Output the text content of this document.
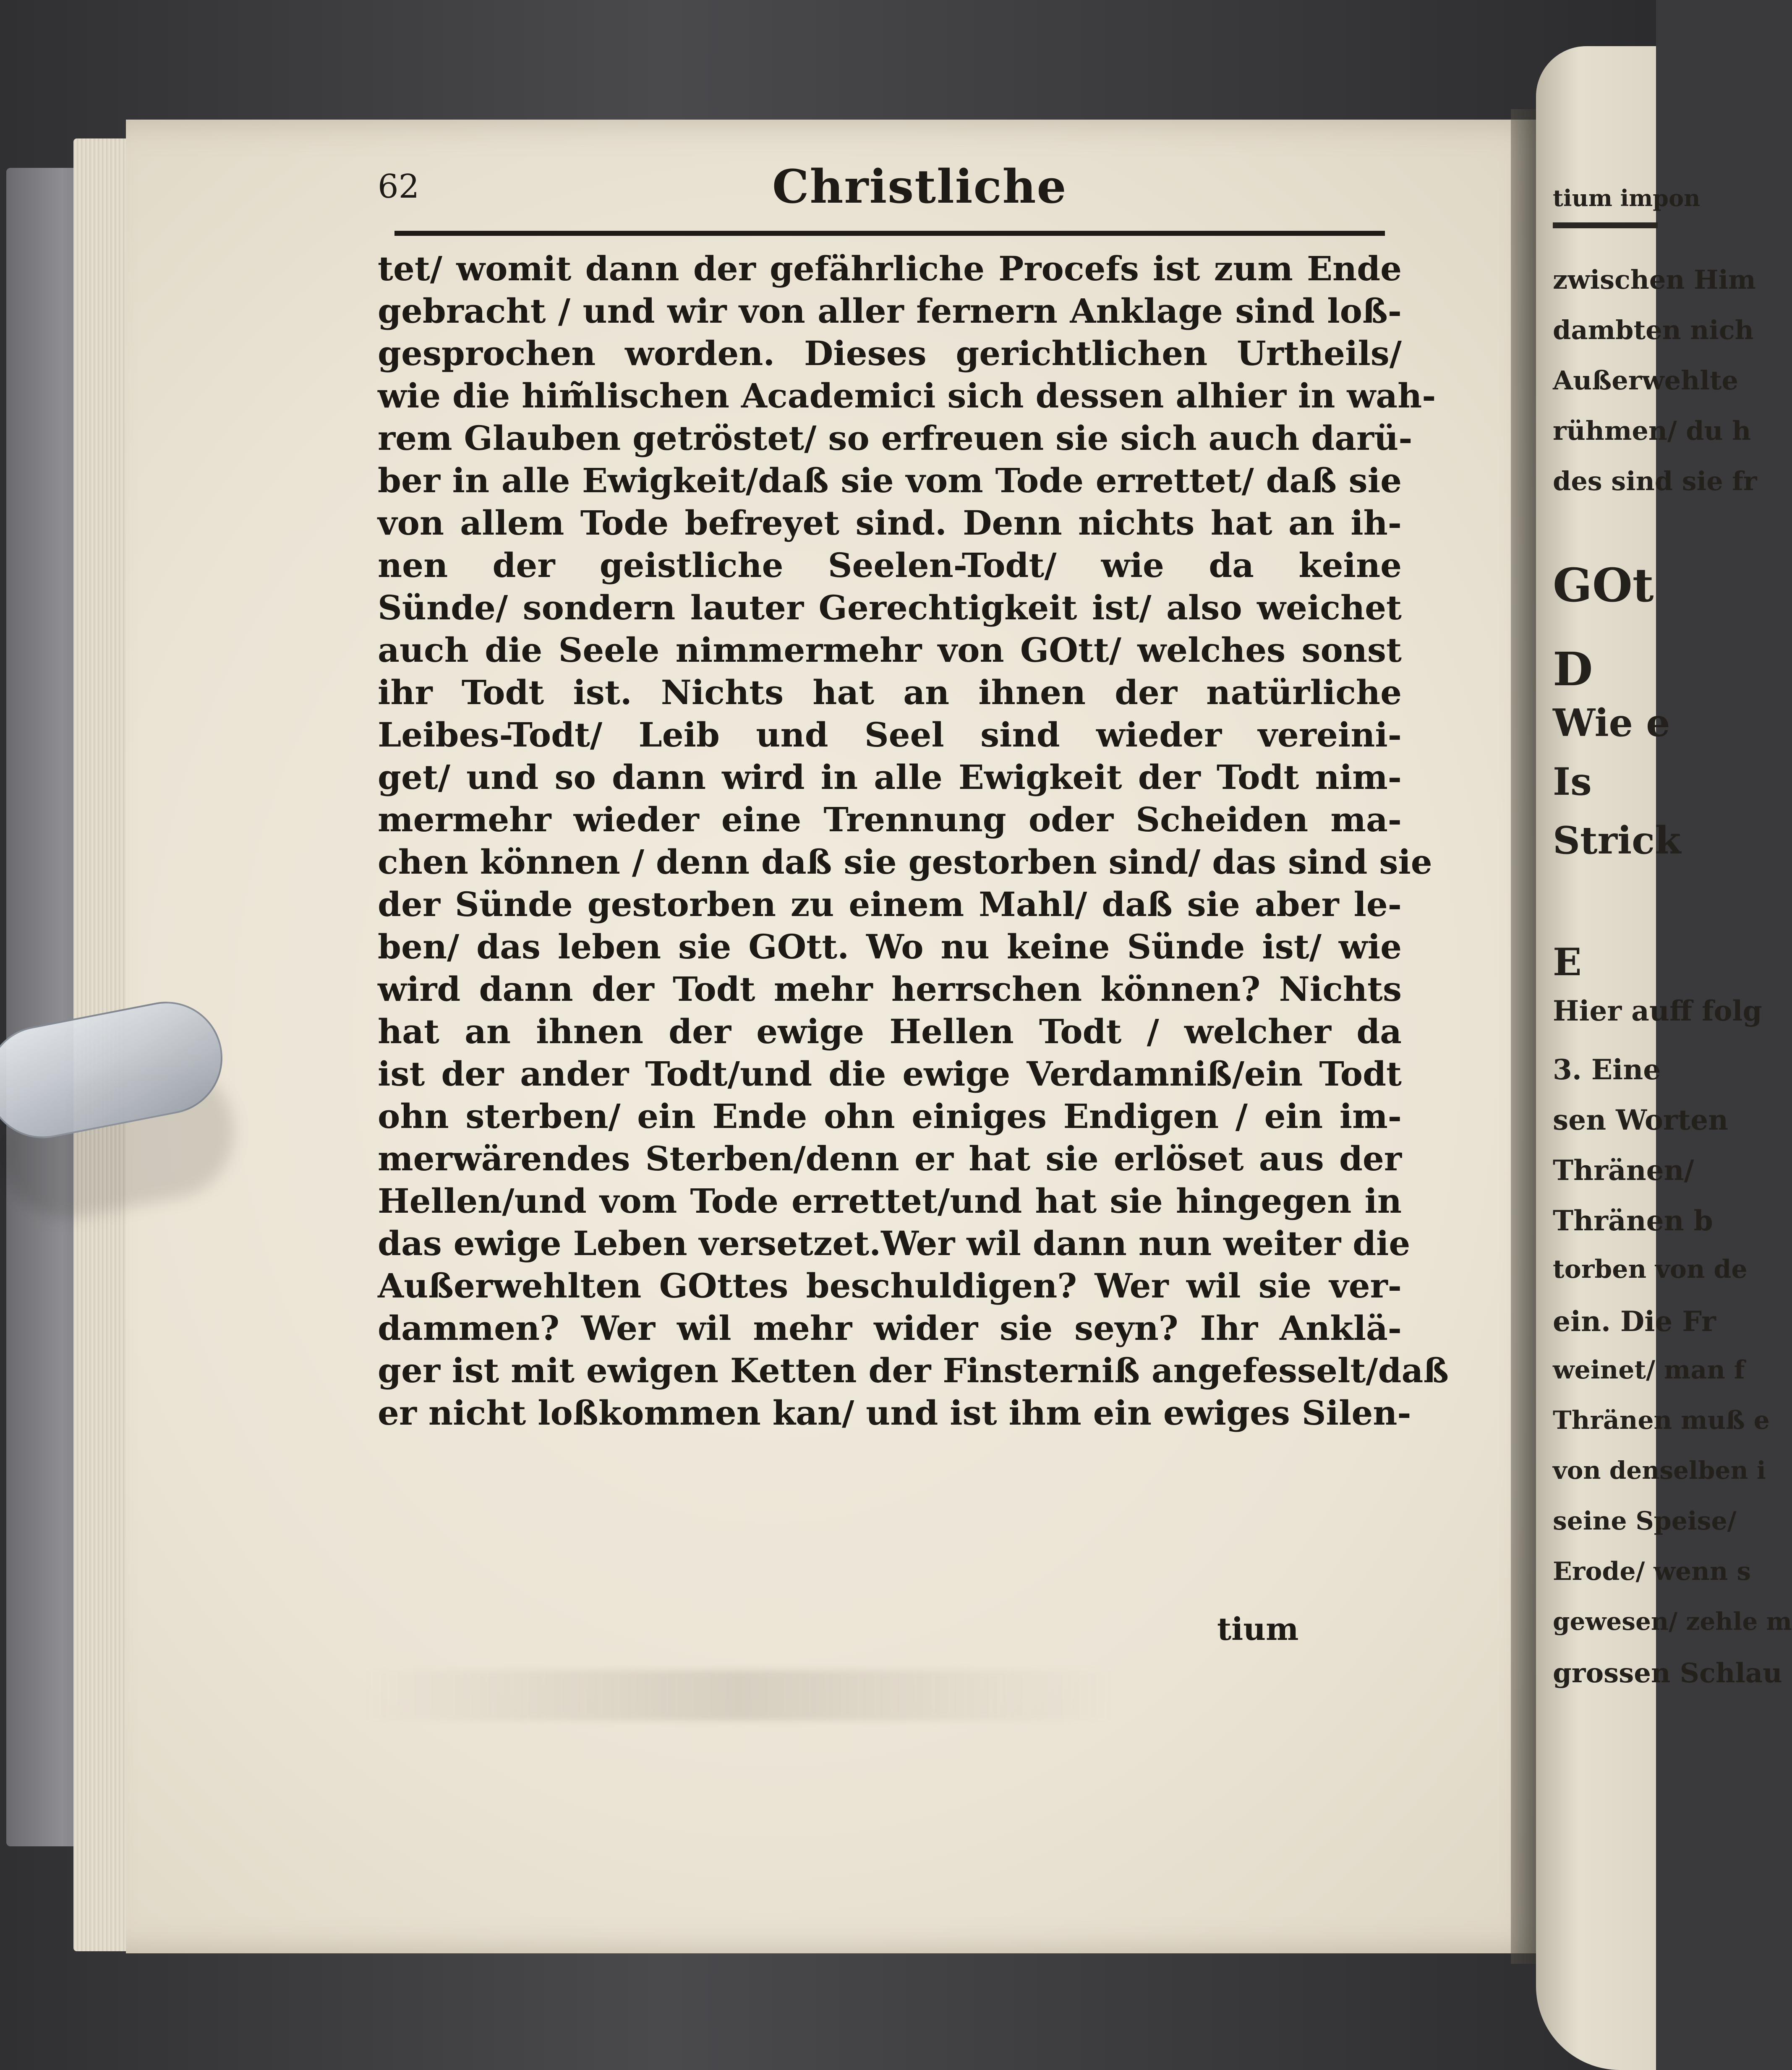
62	Christliche
tet/ womit dann der gefährliche Procefs ist zum Ende
gebracht / und wir von aller fernern Anklage sind loß-
gesprochen worden. Dieses gerichtlichen Urtheils/
wie die him̃lischen Academici sich dessen alhier in wah-
rem Glauben getröstet/ so erfreuen sie sich auch darü-
ber in alle Ewigkeit/daß sie vom Tode errettet/ daß sie
von allem Tode befreyet sind. Denn nichts hat an ih-
nen der geistliche Seelen-Todt/ wie da keine
Sünde/ sondern lauter Gerechtigkeit ist/ also weichet
auch die Seele nimmermehr von GOtt/ welches sonst
ihr Todt ist. Nichts hat an ihnen der natürliche
Leibes-Todt/ Leib und Seel sind wieder vereini-
get/ und so dann wird in alle Ewigkeit der Todt nim-
mermehr wieder eine Trennung oder Scheiden ma-
chen können / denn daß sie gestorben sind/ das sind sie
der Sünde gestorben zu einem Mahl/ daß sie aber le-
ben/ das leben sie GOtt. Wo nu keine Sünde ist/ wie
wird dann der Todt mehr herrschen können? Nichts
hat an ihnen der ewige Hellen Todt / welcher da
ist der ander Todt/und die ewige Verdamniß/ein Todt
ohn sterben/ ein Ende ohn einiges Endigen / ein im-
merwärendes Sterben/denn er hat sie erlöset aus der
Hellen/und vom Tode errettet/und hat sie hingegen in
das ewige Leben versetzet.Wer wil dann nun weiter die
Außerwehlten GOttes beschuldigen? Wer wil sie ver-
dammen? Wer wil mehr wider sie seyn? Ihr Anklä-
ger ist mit ewigen Ketten der Finsterniß angefesselt/daß
er nicht loßkommen kan/ und ist ihm ein ewiges Silen-
tium
tium impon
zwischen Him
dambten nich
Außerwehlte
rühmen/ du h
des sind sie fr
GOt
D
Wie e
Is
Strick
E
Hier auff folg
3. Eine
sen Worten
Thränen/
Thränen b
torben von de
ein. Die Fr
weinet/ man f
Thränen muß e
von denselben i
seine Speise/
Erode/ wenn s
gewesen/ zehle m
grossen Schlau
